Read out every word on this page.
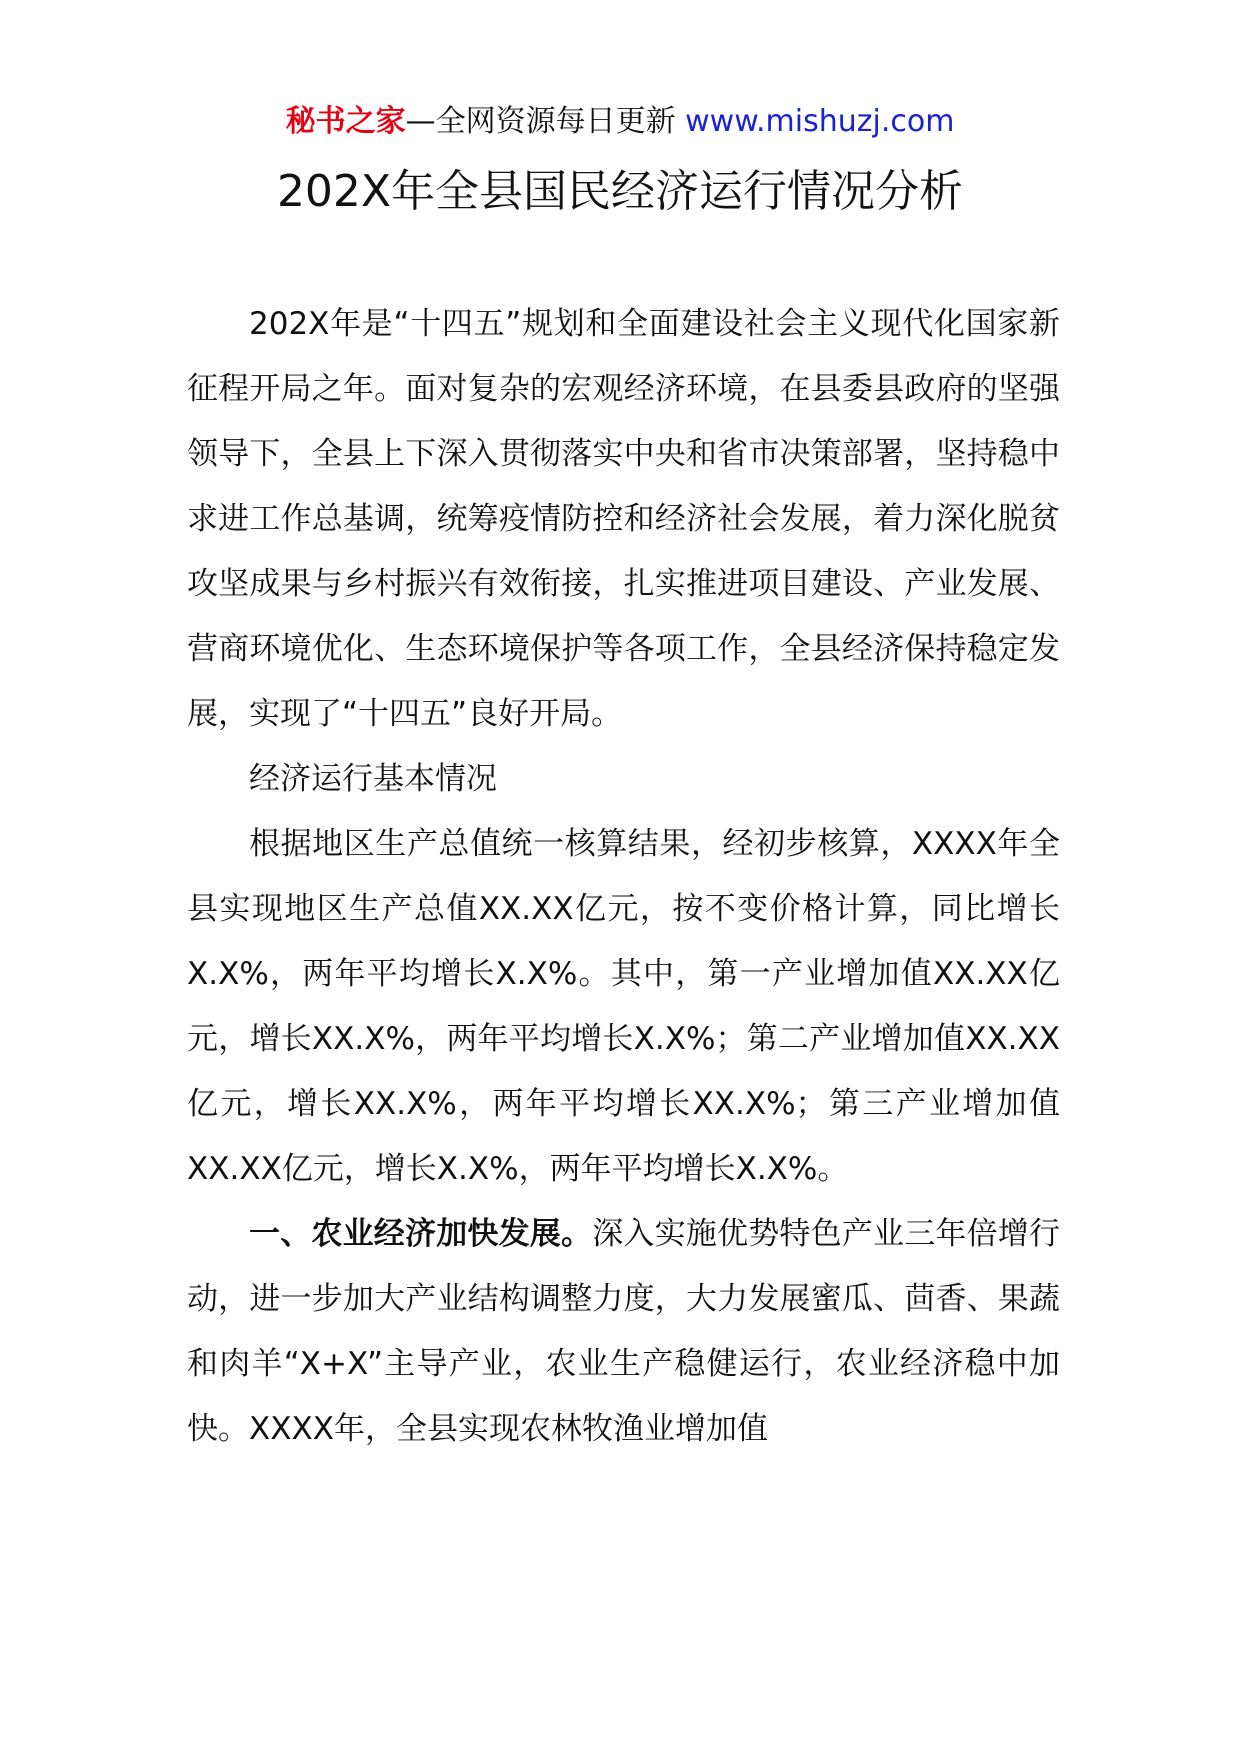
秘书之家—全网资源每日更新 www.mishuzj.com
202X年全县国民经济运行情况分析

202X年是“十四五”规划和全面建设社会主义现代化国家新征程开局之年。面对复杂的宏观经济环境，在县委县政府的坚强领导下，全县上下深入贯彻落实中央和省市决策部署，坚持稳中求进工作总基调，统筹疫情防控和经济社会发展，着力深化脱贫攻坚成果与乡村振兴有效衔接，扎实推进项目建设、产业发展、营商环境优化、生态环境保护等各项工作，全县经济保持稳定发展，实现了“十四五”良好开局。

经济运行基本情况

根据地区生产总值统一核算结果，经初步核算，XXXX年全县实现地区生产总值XX.XX亿元，按不变价格计算，同比增长X.X%，两年平均增长X.X%。其中，第一产业增加值XX.XX亿元，增长XX.X%，两年平均增长X.X%；第二产业增加值XX.XX亿元，增长XX.X%，两年平均增长XX.X%；第三产业增加值XX.XX亿元，增长X.X%，两年平均增长X.X%。

一、农业经济加快发展。深入实施优势特色产业三年倍增行动，进一步加大产业结构调整力度，大力发展蜜瓜、茴香、果蔬和肉羊“X+X”主导产业，农业生产稳健运行，农业经济稳中加快。XXXX年，全县实现农林牧渔业增加值
